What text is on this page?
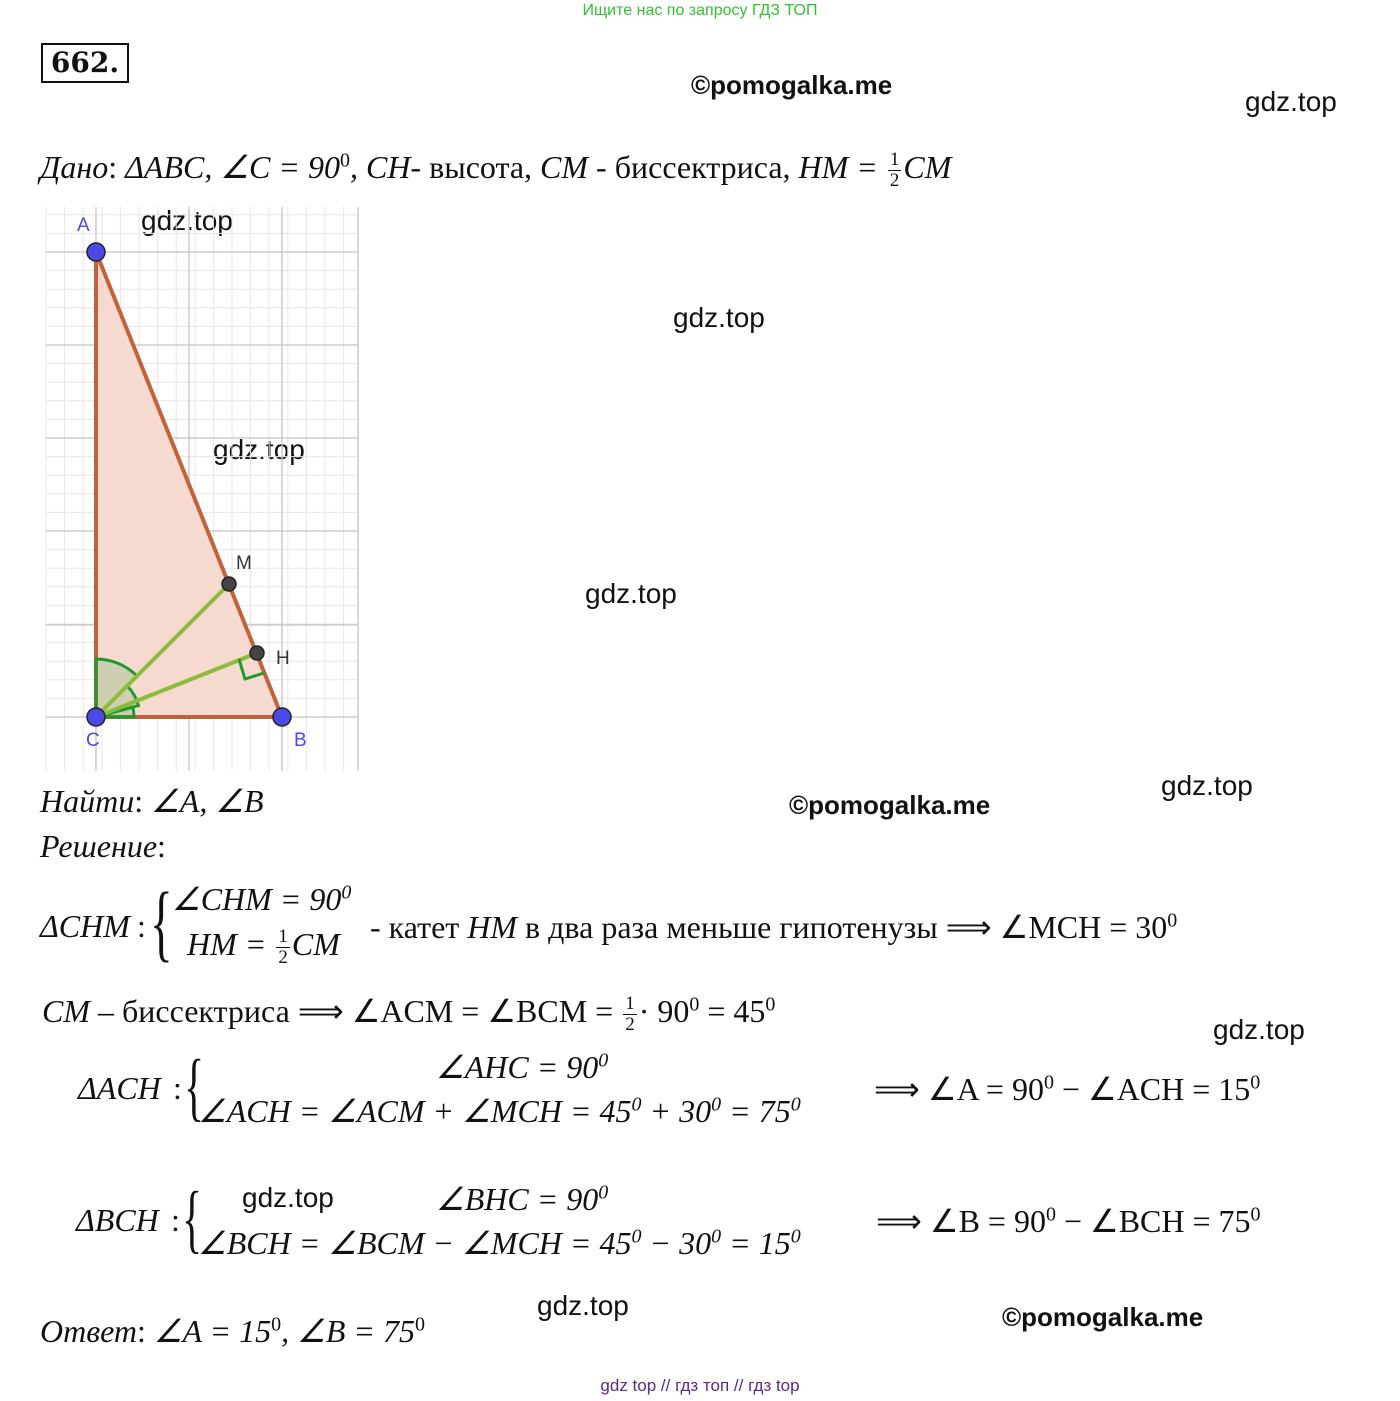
Ищите нас по запросу ГДЗ ТОП
662.
©pomogalka.me
gdz.top
gdz.top
gdz.top
gdz.top
gdz.top
gdz.top
©pomogalka.me
gdz.top
gdz.top
gdz.top	©pomogalka.me
Дано: ΔABC, ∠C = $90^0$, CH- высота, CM - биссектриса, HM = $\frac{1}{2}$ CM
A
B
C
M
H
Найти: ∠A, ∠B
Решение:
ΔCHM : { ∠CHM = $90^0$
HM = $\frac{1}{2}$ CM - катет HM в два раза меньше гипотенузы ⟹ ∠MCH = $30^0$
CM – биссектриса ⟹ ∠ACM = ∠BCM = $\frac{1}{2} \cdot 90^0 = 45^0$
ΔACH : {	∠AHC = $90^0$
∠ACH = ∠ACM + ∠MCH = $45^0 + 30^0 = 75^0$ ⟹ ∠A = $90^0$ − ∠ACH = $15^0$
ΔBCH : {	∠BHC = $90^0$
∠BCH = ∠BCM − ∠MCH = $45^0 - 30^0 = 15^0$ ⟹ ∠B = $90^0$ − ∠BCH = $75^0$
Ответ: ∠A = $15^0$, ∠B = $75^0$
gdz top // гдз топ // гдз top
